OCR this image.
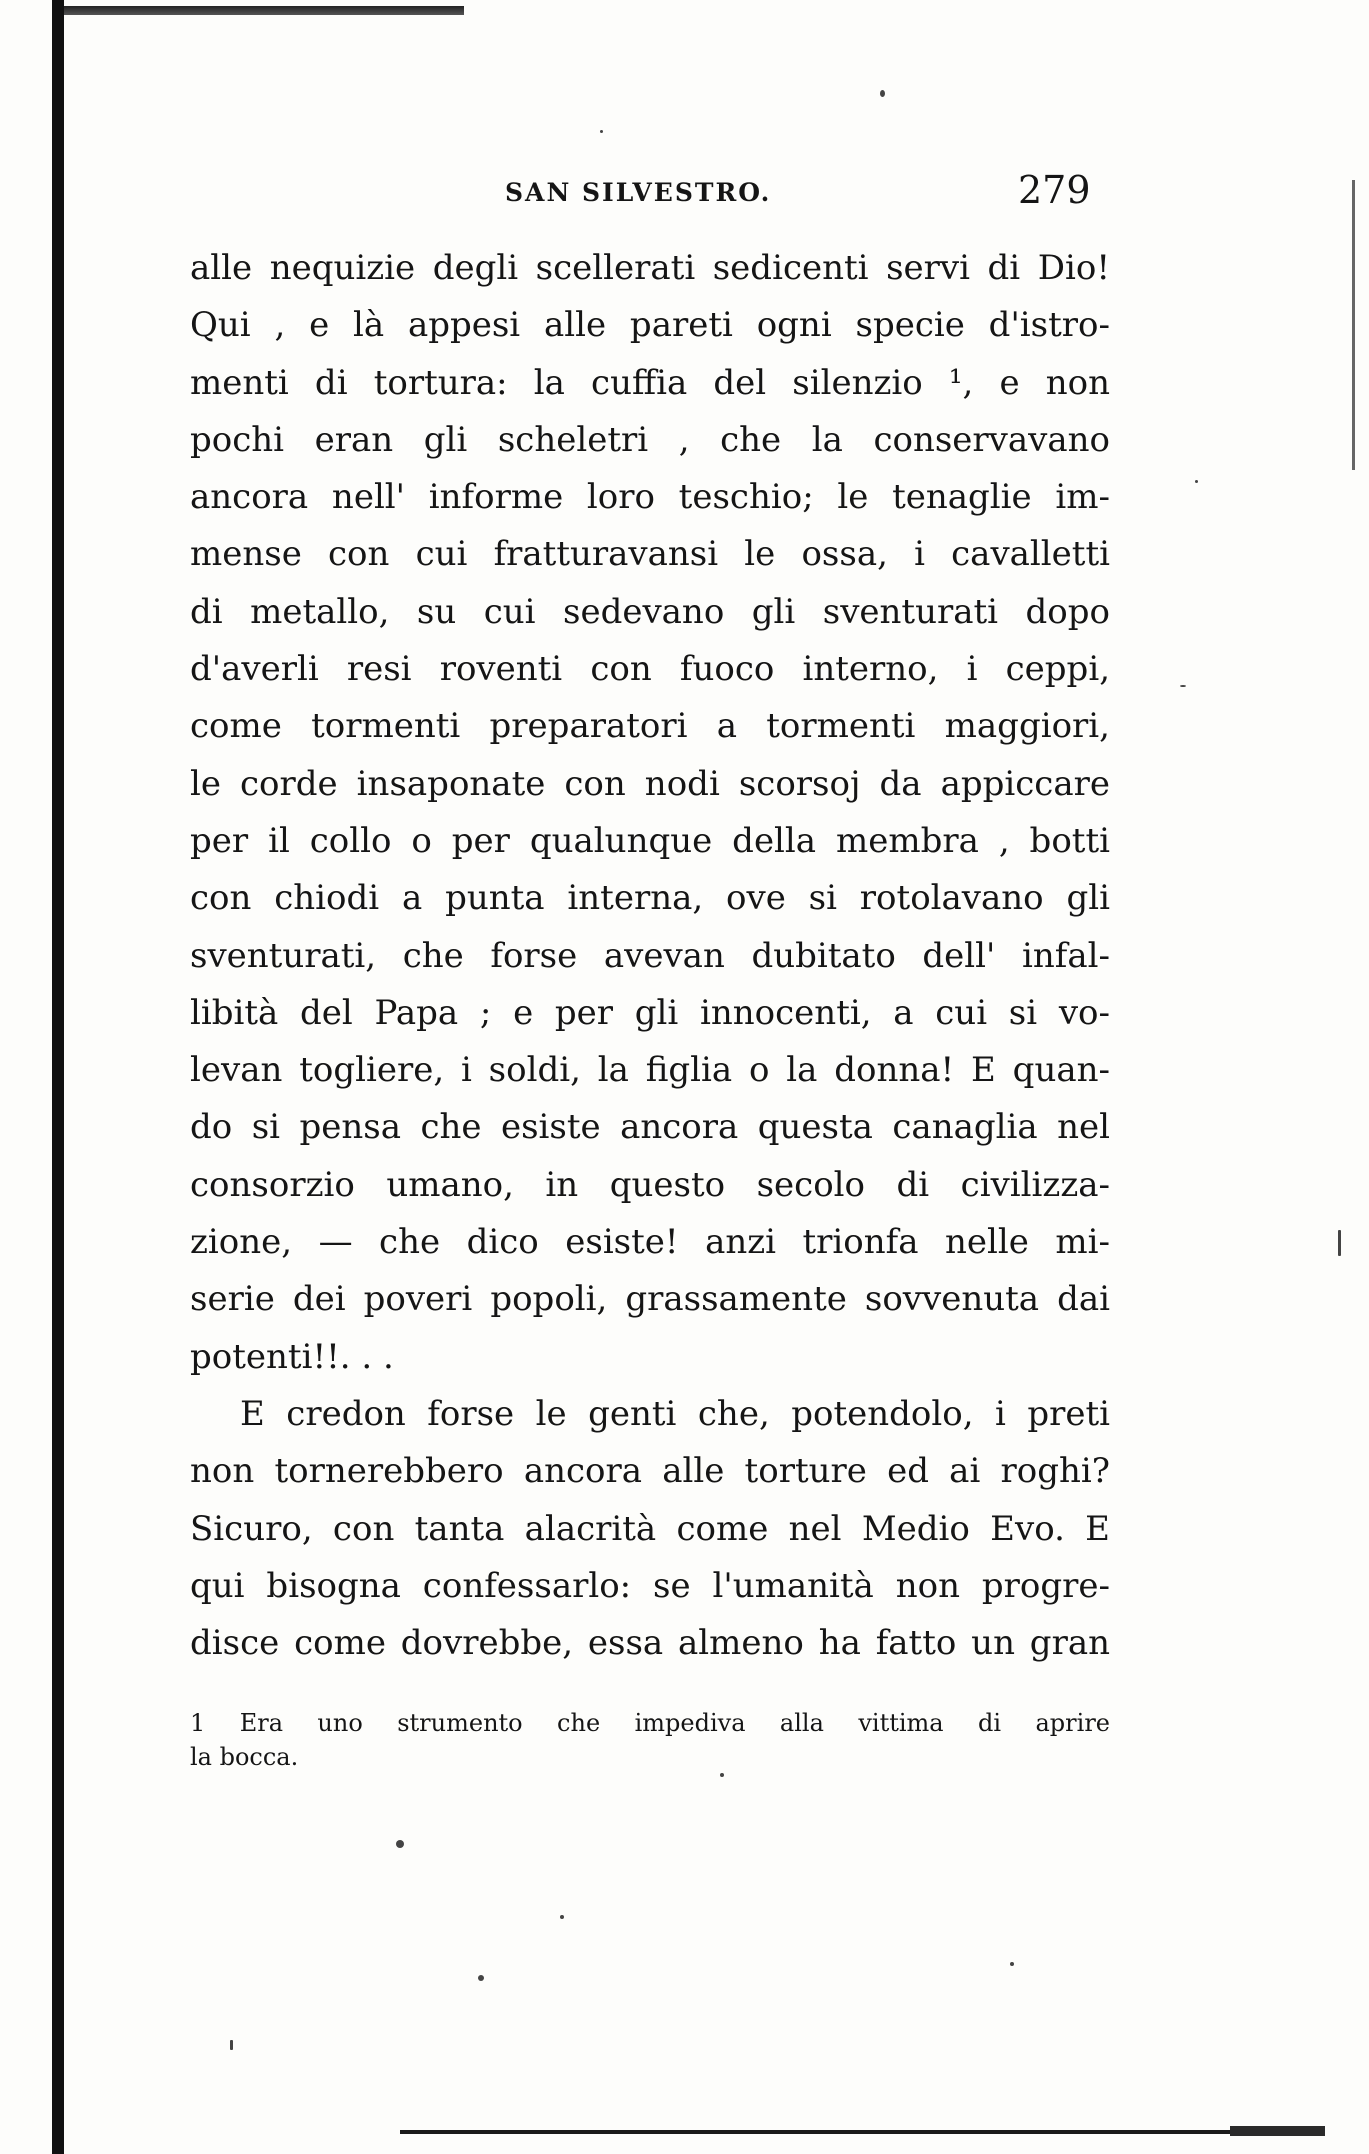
SAN SILVESTRO.	279
alle nequizie degli scellerati sedicenti servi di Dio!
Qui , e là appesi alle pareti ogni specie d'istro-
menti di tortura: la cuffia del silenzio ¹, e non
pochi eran gli scheletri , che la conservavano
ancora nell' informe loro teschio; le tenaglie im-
mense con cui fratturavansi le ossa, i cavalletti
di metallo, su cui sedevano gli sventurati dopo
d'averli resi roventi con fuoco interno, i ceppi,
come tormenti preparatori a tormenti maggiori,
le corde insaponate con nodi scorsoj da appiccare
per il collo o per qualunque della membra , botti
con chiodi a punta interna, ove si rotolavano gli
sventurati, che forse avevan dubitato dell' infal-
libità del Papa ; e per gli innocenti, a cui si vo-
levan togliere, i soldi, la figlia o la donna! E quan-
do si pensa che esiste ancora questa canaglia nel
consorzio umano, in questo secolo di civilizza-
zione, — che dico esiste! anzi trionfa nelle mi-
serie dei poveri popoli, grassamente sovvenuta dai
potenti!!. . .
E credon forse le genti che, potendolo, i preti
non tornerebbero ancora alle torture ed ai roghi?
Sicuro, con tanta alacrità come nel Medio Evo. E
qui bisogna confessarlo: se l'umanità non progre-
disce come dovrebbe, essa almeno ha fatto un gran
1 Era uno strumento che impediva alla vittima di aprire
la bocca.
